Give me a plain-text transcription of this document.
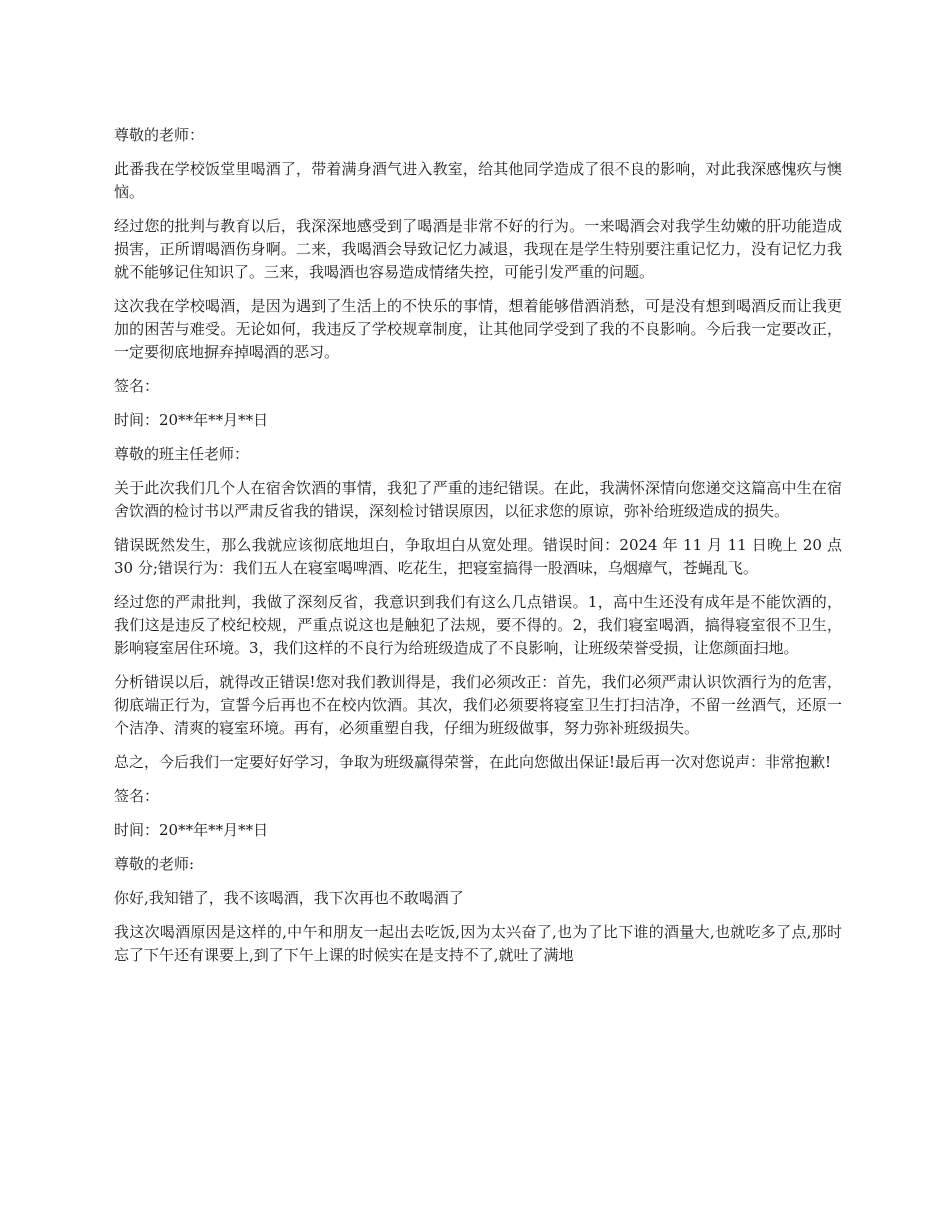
尊敬的老师：

此番我在学校饭堂里喝酒了，带着满身酒气进入教室，给其他同学造成了很不良的影响，对此我深感愧疚与懊恼。

经过您的批判与教育以后，我深深地感受到了喝酒是非常不好的行为。一来喝酒会对我学生幼嫩的肝功能造成损害，正所谓喝酒伤身啊。二来，我喝酒会导致记忆力减退，我现在是学生特别要注重记忆力，没有记忆力我就不能够记住知识了。三来，我喝酒也容易造成情绪失控，可能引发严重的问题。

这次我在学校喝酒，是因为遇到了生活上的不快乐的事情，想着能够借酒消愁，可是没有想到喝酒反而让我更加的困苦与难受。无论如何，我违反了学校规章制度，让其他同学受到了我的不良影响。今后我一定要改正，一定要彻底地摒弃掉喝酒的恶习。

签名：

时间：20**年**月**日

尊敬的班主任老师：

关于此次我们几个人在宿舍饮酒的事情，我犯了严重的违纪错误。在此，我满怀深情向您递交这篇高中生在宿舍饮酒的检讨书以严肃反省我的错误，深刻检讨错误原因，以征求您的原谅，弥补给班级造成的损失。

错误既然发生，那么我就应该彻底地坦白，争取坦白从宽处理。错误时间：2024 年 11 月 11 日晚上 20 点 30 分;错误行为：我们五人在寝室喝啤酒、吃花生，把寝室搞得一股酒味，乌烟瘴气，苍蝇乱飞。

经过您的严肃批判，我做了深刻反省，我意识到我们有这么几点错误。1，高中生还没有成年是不能饮酒的，我们这是违反了校纪校规，严重点说这也是触犯了法规，要不得的。2，我们寝室喝酒，搞得寝室很不卫生，影响寝室居住环境。3，我们这样的不良行为给班级造成了不良影响，让班级荣誉受损，让您颜面扫地。

分析错误以后，就得改正错误!您对我们教训得是，我们必须改正：首先，我们必须严肃认识饮酒行为的危害，彻底端正行为，宣誓今后再也不在校内饮酒。其次，我们必须要将寝室卫生打扫洁净，不留一丝酒气，还原一个洁净、清爽的寝室环境。再有，必须重塑自我，仔细为班级做事，努力弥补班级损失。

总之，今后我们一定要好好学习，争取为班级赢得荣誉，在此向您做出保证!最后再一次对您说声：非常抱歉!

签名：

时间：20**年**月**日

尊敬的老师:

你好,我知错了，我不该喝酒，我下次再也不敢喝酒了

我这次喝酒原因是这样的,中午和朋友一起出去吃饭,因为太兴奋了,也为了比下谁的酒量大,也就吃多了点,那时忘了下午还有课要上,到了下午上课的时候实在是支持不了,就吐了满地
